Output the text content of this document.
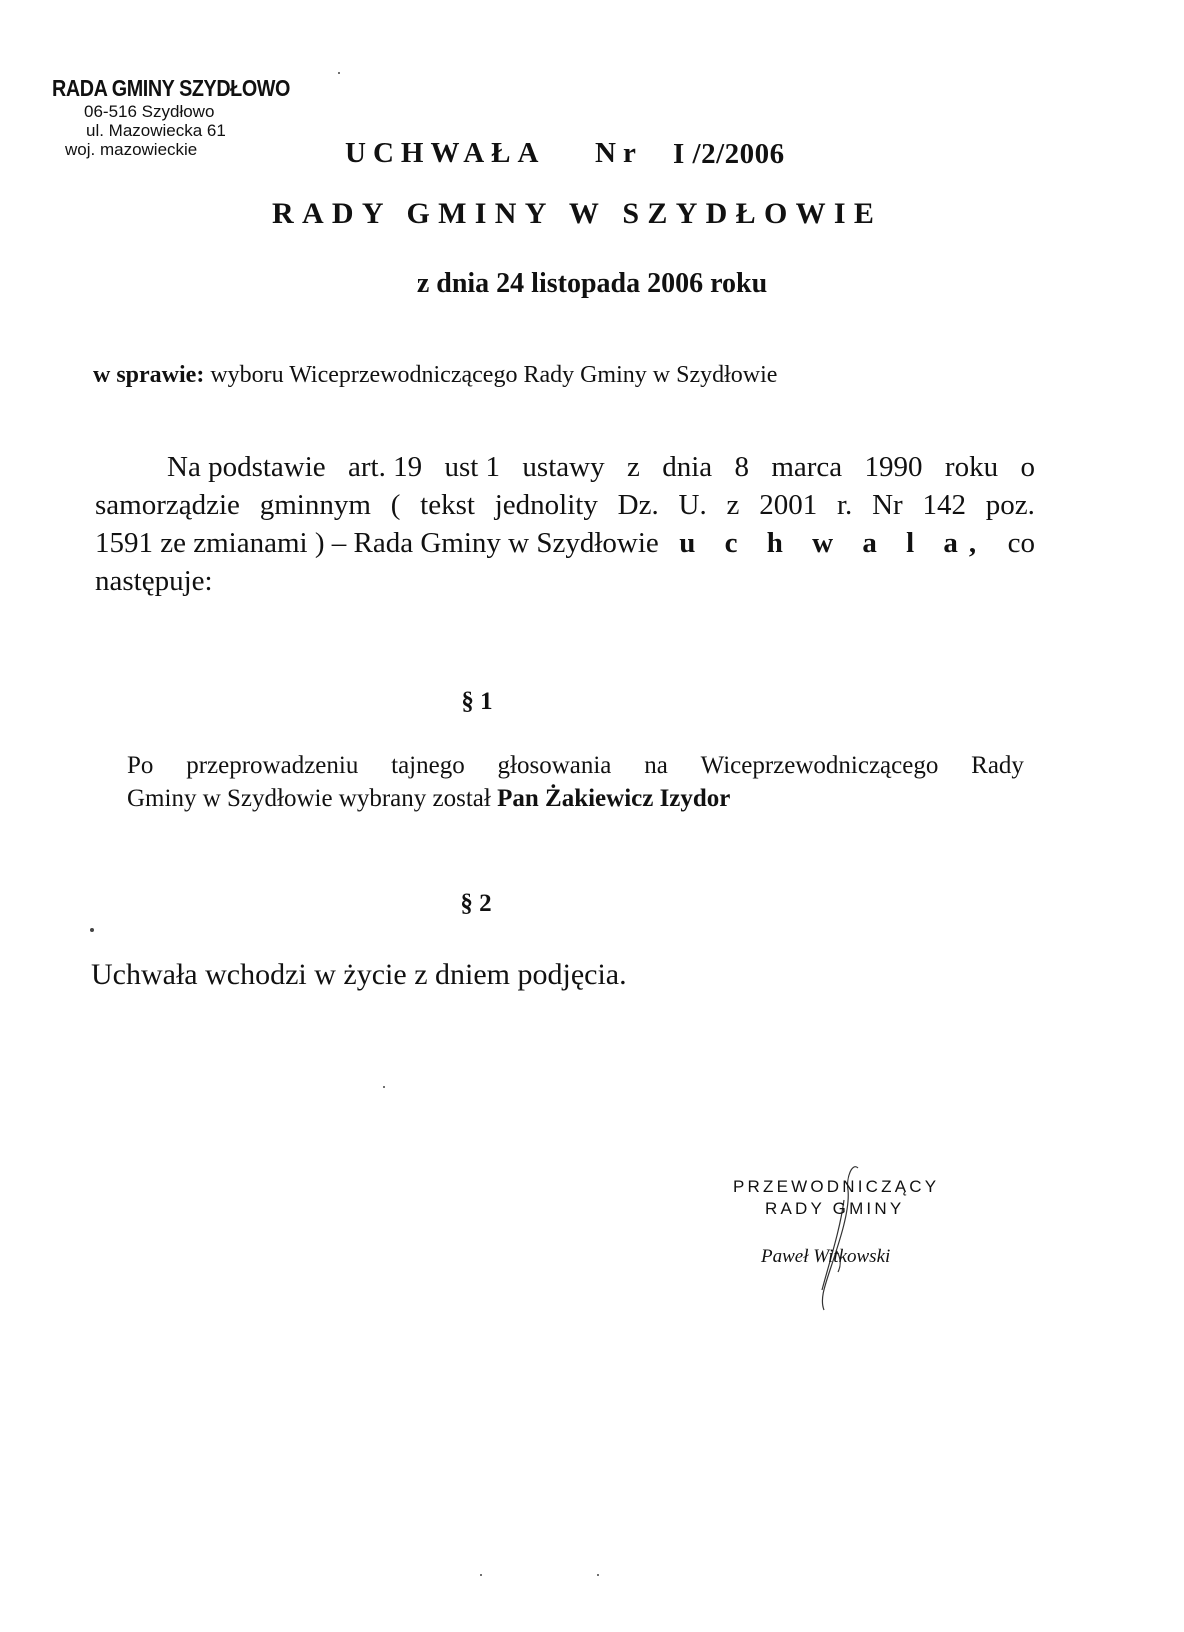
RADA GMINY SZYDŁOWO
06-516 Szydłowo
ul. Mazowiecka 61
woj. mazowieckie	UCHWAŁA Nr I /2/2006
RADY GMINY W SZYDŁOWIE
z dnia 24 listopada 2006 roku
w sprawie: wyboru Wiceprzewodniczącego Rady Gminy w Szydłowie
Na podstawie art. 19 ust 1 ustawy z dnia 8 marca 1990 roku o
samorządzie gminnym ( tekst jednolity Dz. U. z 2001 r. Nr 142 poz.
1591 ze zmianami ) – Rada Gminy w Szydłowie u c h w a l a, co
następuje:
§ 1
Po przeprowadzeniu tajnego głosowania na Wiceprzewodniczącego Rady
Gminy w Szydłowie wybrany został
Pan Żakiewicz Izydor
§ 2
Uchwała wchodzi w życie z dniem podjęcia.
PRZEWODNICZĄCY
RADY GMINY
Paweł Witkowski
